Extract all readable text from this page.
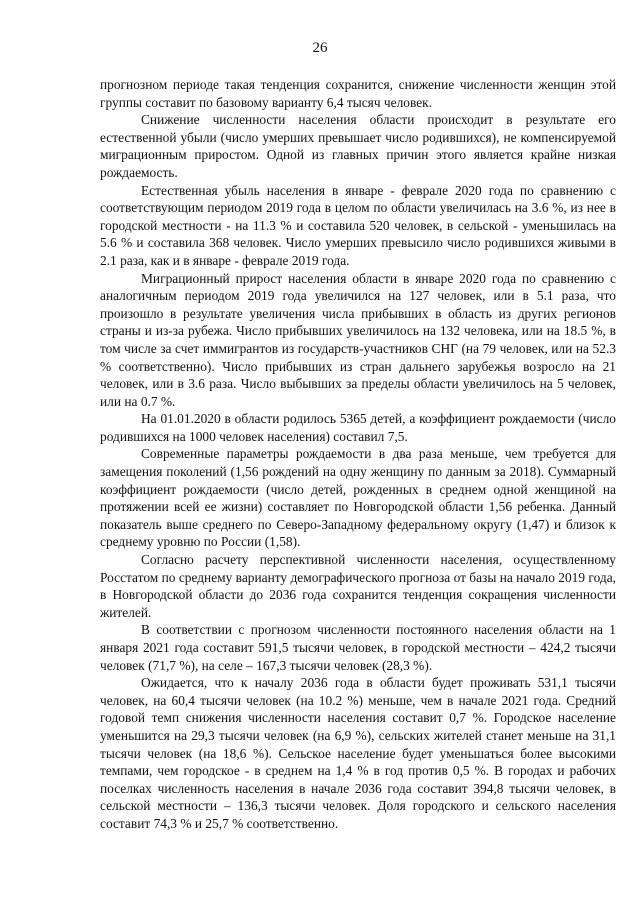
26

прогнозном периоде такая тенденция сохранится, снижение численности женщин этой группы составит по базовому варианту 6,4 тысяч человек.

Снижение численности населения области происходит в результате его естественной убыли (число умерших превышает число родившихся), не компенсируемой миграционным приростом. Одной из главных причин этого является крайне низкая рождаемость.

Естественная убыль населения в январе - феврале 2020 года по сравнению с соответствующим периодом 2019 года в целом по области увеличилась на 3.6 %, из нее в городской местности - на 11.3 % и составила 520 человек, в сельской - уменьшилась на 5.6 % и составила 368 человек. Число умерших превысило число родившихся живыми в 2.1 раза, как и в январе - феврале 2019 года.

Миграционный прирост населения области в январе 2020 года по сравнению с аналогичным периодом 2019 года увеличился на 127 человек, или в 5.1 раза, что произошло в результате увеличения числа прибывших в область из других регионов страны и из-за рубежа. Число прибывших увеличилось на 132 человека, или на 18.5 %, в том числе за счет иммигрантов из государств-участников СНГ (на 79 человек, или на 52.3 % соответственно). Число прибывших из стран дальнего зарубежья возросло на 21 человек, или в 3.6 раза. Число выбывших за пределы области увеличилось на 5 человек, или на 0.7 %.

На 01.01.2020 в области родилось 5365 детей, а коэффициент рождаемости (число родившихся на 1000 человек населения) составил 7,5.

Современные параметры рождаемости в два раза меньше, чем требуется для замещения поколений (1,56 рождений на одну женщину по данным за 2018). Суммарный коэффициент рождаемости (число детей, рожденных в среднем одной женщиной на протяжении всей ее жизни) составляет по Новгородской области 1,56 ребенка. Данный показатель выше среднего по Северо-Западному федеральному округу (1,47) и близок к среднему уровню по России (1,58).

Согласно расчету перспективной численности населения, осуществленному Росстатом по среднему варианту демографического прогноза от базы на начало 2019 года, в Новгородской области до 2036 года сохранится тенденция сокращения численности жителей.

В соответствии с прогнозом численности постоянного населения области на 1 января 2021 года составит 591,5 тысячи человек, в городской местности – 424,2 тысячи человек (71,7 %), на селе – 167,3 тысячи человек (28,3 %).

Ожидается, что к началу 2036 года в области будет проживать 531,1 тысячи человек, на 60,4 тысячи человек (на 10.2 %) меньше, чем в начале 2021 года. Средний годовой темп снижения численности населения составит 0,7 %. Городское население уменьшится на 29,3 тысячи человек (на 6,9 %), сельских жителей станет меньше на 31,1 тысячи человек (на 18,6 %). Сельское население будет уменьшаться более высокими темпами, чем городское - в среднем на 1,4 % в год против 0,5 %. В городах и рабочих поселках численность населения в начале 2036 года составит 394,8 тысячи человек, в сельской местности – 136,3 тысячи человек. Доля городского и сельского населения составит 74,3 % и 25,7 % соответственно.
